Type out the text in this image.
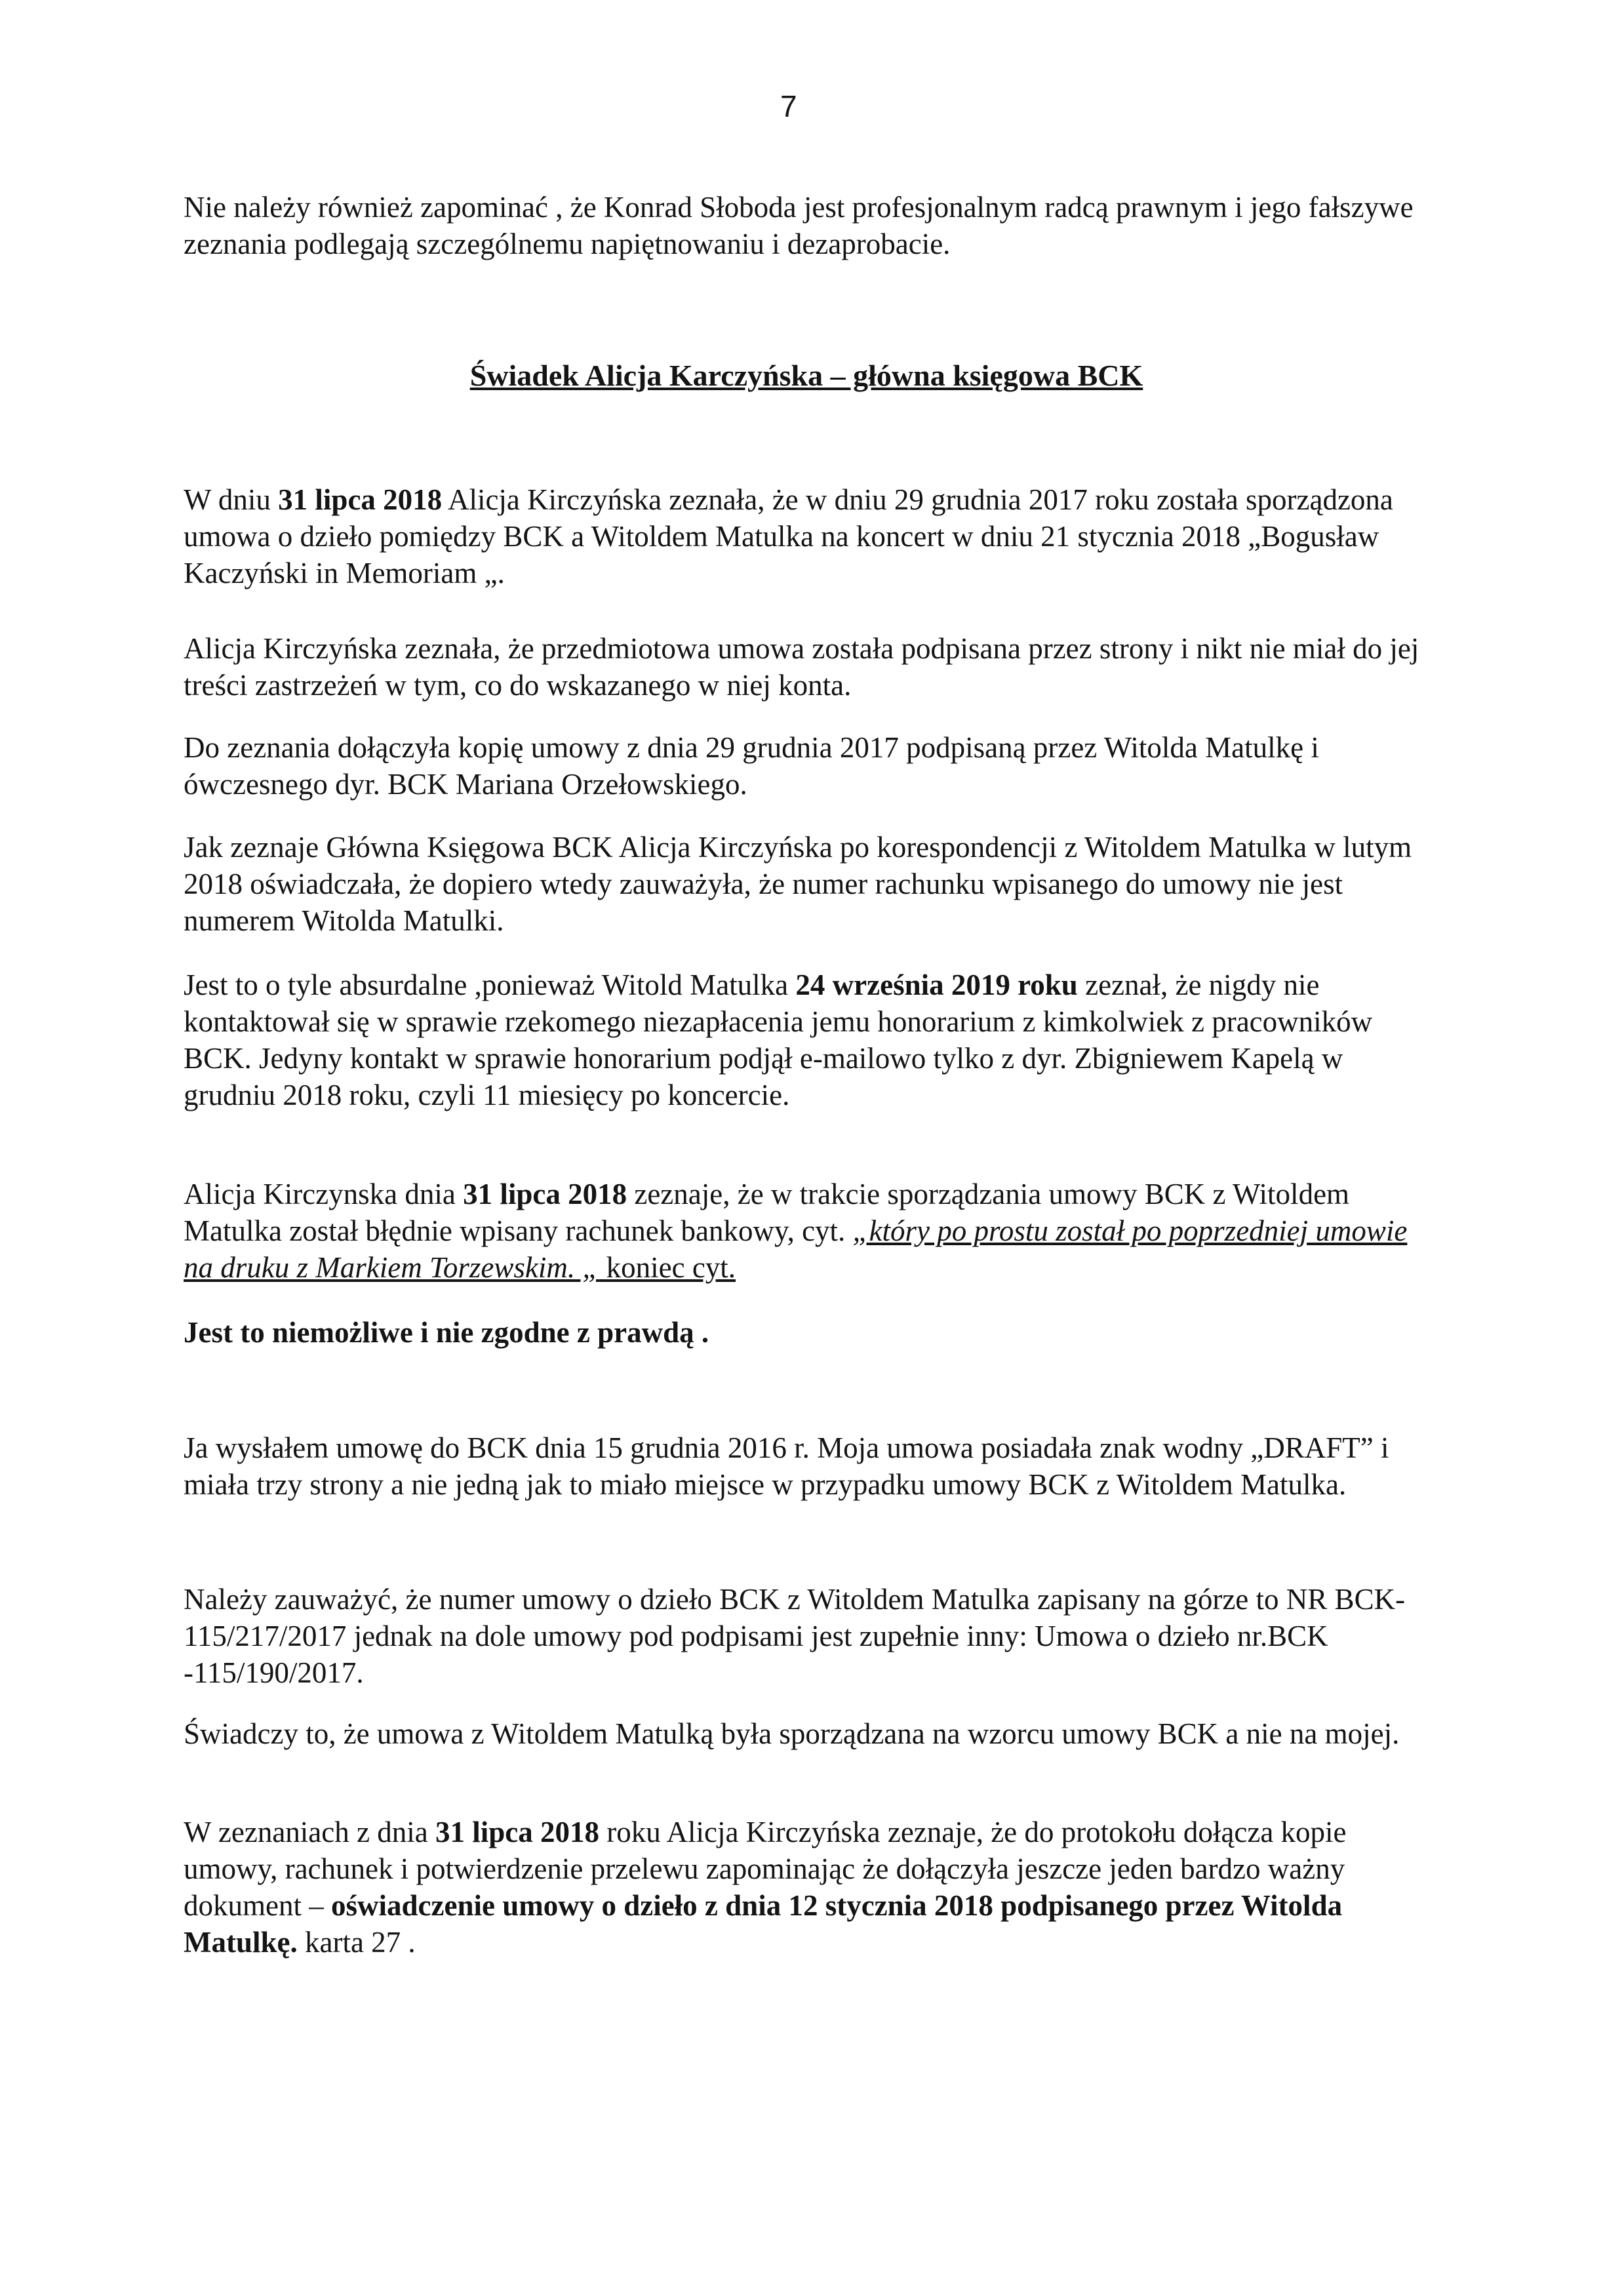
7

Nie należy również zapominać , że Konrad Słoboda jest profesjonalnym radcą prawnym i jego fałszywe zeznania podlegają szczególnemu napiętnowaniu i dezaprobacie.

Świadek Alicja Karczyńska – główna księgowa BCK

W dniu 31 lipca 2018 Alicja Kirczyńska zeznała, że w dniu 29 grudnia 2017 roku została sporządzona umowa o dzieło pomiędzy BCK a Witoldem Matulka na koncert w dniu 21 stycznia 2018 „Bogusław Kaczyński in Memoriam „.

Alicja Kirczyńska zeznała, że przedmiotowa umowa została podpisana przez strony i nikt nie miał do jej treści zastrzeżeń w tym, co do wskazanego w niej konta.

Do zeznania dołączyła kopię umowy z dnia 29 grudnia 2017 podpisaną przez Witolda Matulkę i ówczesnego dyr. BCK Mariana Orzełowskiego.

Jak zeznaje Główna Księgowa BCK Alicja Kirczyńska po korespondencji z Witoldem Matulka w lutym 2018 oświadczała, że dopiero wtedy zauważyła, że numer rachunku wpisanego do umowy nie jest numerem Witolda Matulki.

Jest to o tyle absurdalne ,ponieważ Witold Matulka 24 września 2019 roku zeznał, że nigdy nie kontaktował się w sprawie rzekomego niezapłacenia jemu honorarium z kimkolwiek z pracowników BCK. Jedyny kontakt w sprawie honorarium podjął e-mailowo tylko z dyr. Zbigniewem Kapelą w grudniu 2018 roku, czyli 11 miesięcy po koncercie.

Alicja Kirczynska dnia 31 lipca 2018 zeznaje, że w trakcie sporządzania umowy BCK z Witoldem Matulka został błędnie wpisany rachunek bankowy, cyt. „który po prostu został po poprzedniej umowie na druku z Markiem Torzewskim. „ koniec cyt.

Jest to niemożliwe i nie zgodne z prawdą .

Ja wysłałem umowę do BCK dnia 15 grudnia 2016 r. Moja umowa posiadała znak wodny „DRAFT” i miała trzy strony a nie jedną jak to miało miejsce w przypadku umowy BCK z Witoldem Matulka.

Należy zauważyć, że numer umowy o dzieło BCK z Witoldem Matulka zapisany na górze to NR BCK-115/217/2017 jednak na dole umowy pod podpisami jest zupełnie inny: Umowa o dzieło nr.BCK -115/190/2017.

Świadczy to, że umowa z Witoldem Matulką była sporządzana na wzorcu umowy BCK a nie na mojej.

W zeznaniach z dnia 31 lipca 2018 roku Alicja Kirczyńska zeznaje, że do protokołu dołącza kopie umowy, rachunek i potwierdzenie przelewu zapominając że dołączyła jeszcze jeden bardzo ważny dokument – oświadczenie umowy o dzieło z dnia 12 stycznia 2018 podpisanego przez Witolda Matulkę. karta 27 .
